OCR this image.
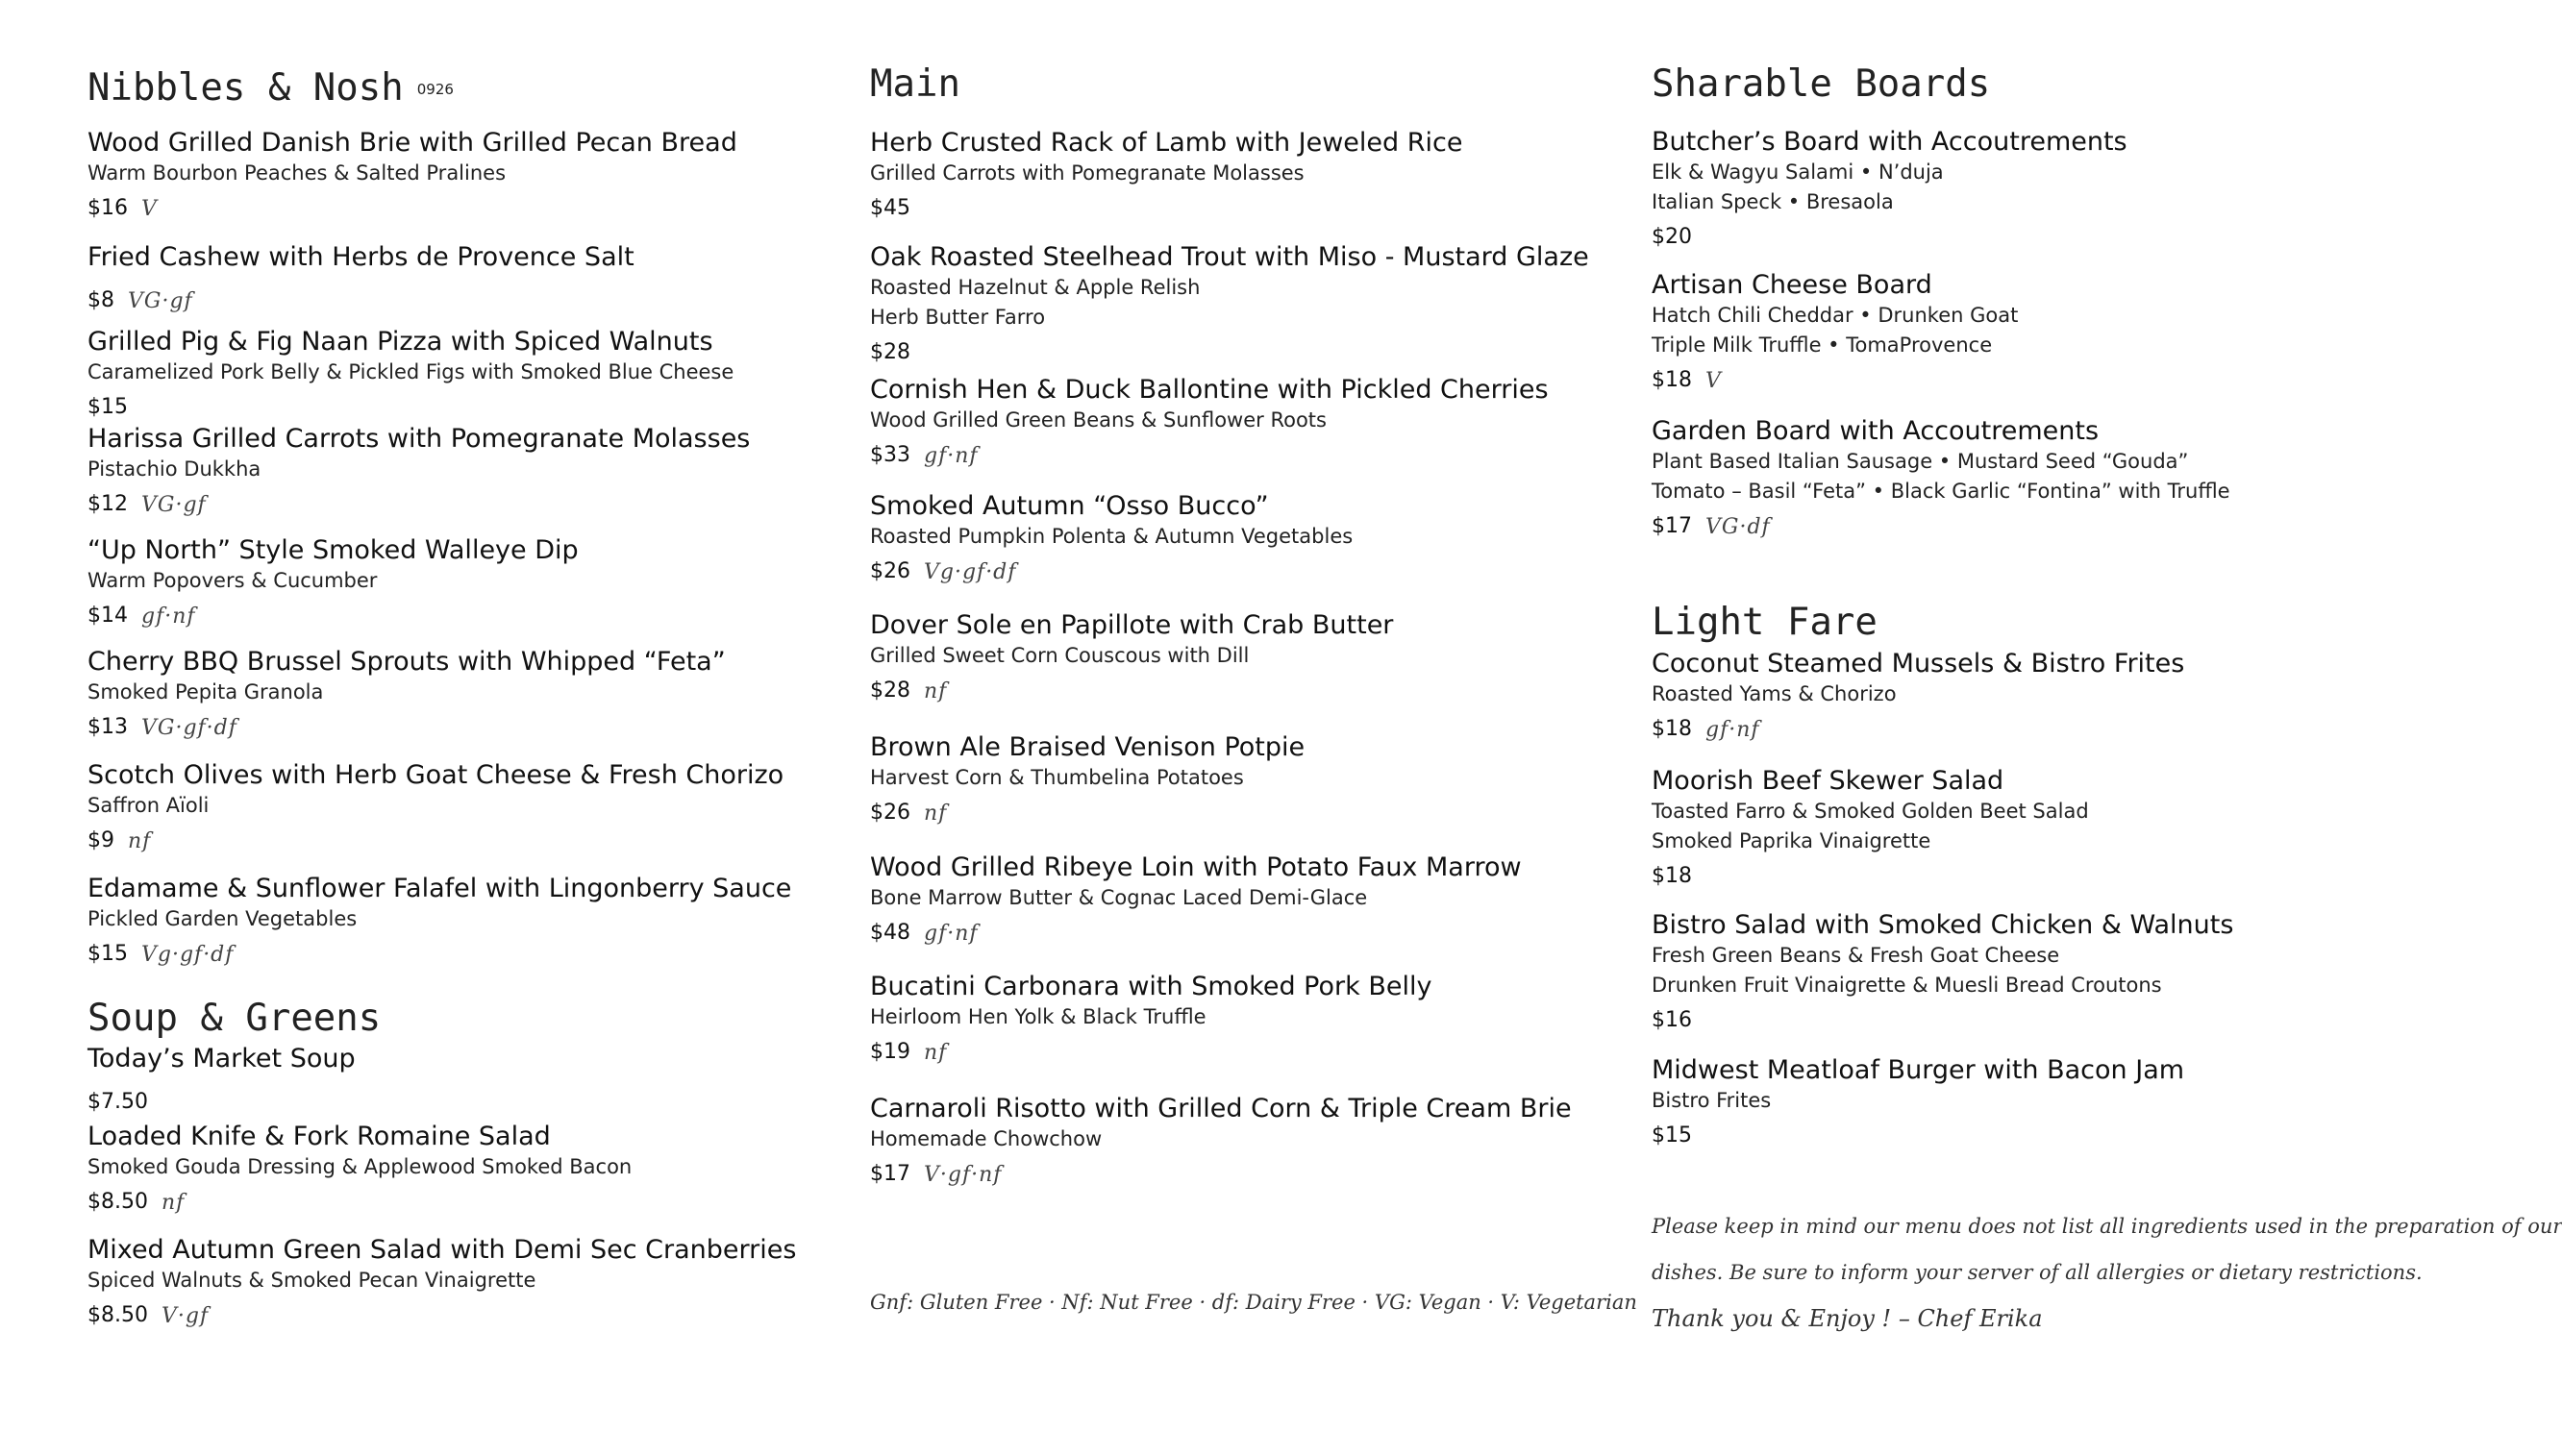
Nibbles & Nosh 0926
Wood Grilled Danish Brie with Grilled Pecan Bread
Warm Bourbon Peaches & Salted Pralines
$16 V
Fried Cashew with Herbs de Provence Salt
$8 VG·gf
Grilled Pig & Fig Naan Pizza with Spiced Walnuts
Caramelized Pork Belly & Pickled Figs with Smoked Blue Cheese
$15
Harissa Grilled Carrots with Pomegranate Molasses
Pistachio Dukkha
$12 VG·gf
“Up North” Style Smoked Walleye Dip
Warm Popovers & Cucumber
$14 gf·nf
Cherry BBQ Brussel Sprouts with Whipped “Feta”
Smoked Pepita Granola
$13 VG·gf·df
Scotch Olives with Herb Goat Cheese & Fresh Chorizo
Saffron Aïoli
$9 nf
Edamame & Sunflower Falafel with Lingonberry Sauce
Pickled Garden Vegetables
$15 Vg·gf·df
Soup & Greens
Today’s Market Soup
$7.50
Loaded Knife & Fork Romaine Salad
Smoked Gouda Dressing & Applewood Smoked Bacon
$8.50 nf
Mixed Autumn Green Salad with Demi Sec Cranberries
Spiced Walnuts & Smoked Pecan Vinaigrette
$8.50 V·gf
Main
Herb Crusted Rack of Lamb with Jeweled Rice
Grilled Carrots with Pomegranate Molasses
$45
Oak Roasted Steelhead Trout with Miso - Mustard Glaze
Roasted Hazelnut & Apple Relish
Herb Butter Farro
$28
Cornish Hen & Duck Ballontine with Pickled Cherries
Wood Grilled Green Beans & Sunflower Roots
$33 gf·nf
Smoked Autumn “Osso Bucco”
Roasted Pumpkin Polenta & Autumn Vegetables
$26 Vg·gf·df
Dover Sole en Papillote with Crab Butter
Grilled Sweet Corn Couscous with Dill
$28 nf
Brown Ale Braised Venison Potpie
Harvest Corn & Thumbelina Potatoes
$26 nf
Wood Grilled Ribeye Loin with Potato Faux Marrow
Bone Marrow Butter & Cognac Laced Demi-Glace
$48 gf·nf
Bucatini Carbonara with Smoked Pork Belly
Heirloom Hen Yolk & Black Truffle
$19 nf
Carnaroli Risotto with Grilled Corn & Triple Cream Brie
Homemade Chowchow
$17 V·gf·nf
Gnf: Gluten Free · Nf: Nut Free · df: Dairy Free · VG: Vegan · V: Vegetarian
Sharable Boards
Butcher’s Board with Accoutrements
Elk & Wagyu Salami • N’duja
Italian Speck • Bresaola
$20
Artisan Cheese Board
Hatch Chili Cheddar • Drunken Goat
Triple Milk Truffle • TomaProvence
$18 V
Garden Board with Accoutrements
Plant Based Italian Sausage • Mustard Seed “Gouda”
Tomato – Basil “Feta” • Black Garlic “Fontina” with Truffle
$17 VG·df
Light Fare
Coconut Steamed Mussels & Bistro Frites
Roasted Yams & Chorizo
$18 gf·nf
Moorish Beef Skewer Salad
Toasted Farro & Smoked Golden Beet Salad
Smoked Paprika Vinaigrette
$18
Bistro Salad with Smoked Chicken & Walnuts
Fresh Green Beans & Fresh Goat Cheese
Drunken Fruit Vinaigrette & Muesli Bread Croutons
$16
Midwest Meatloaf Burger with Bacon Jam
Bistro Frites
$15
Please keep in mind our menu does not list all ingredients used in the preparation of our
dishes. Be sure to inform your server of all allergies or dietary restrictions.
Thank you & Enjoy ! – Chef Erika
